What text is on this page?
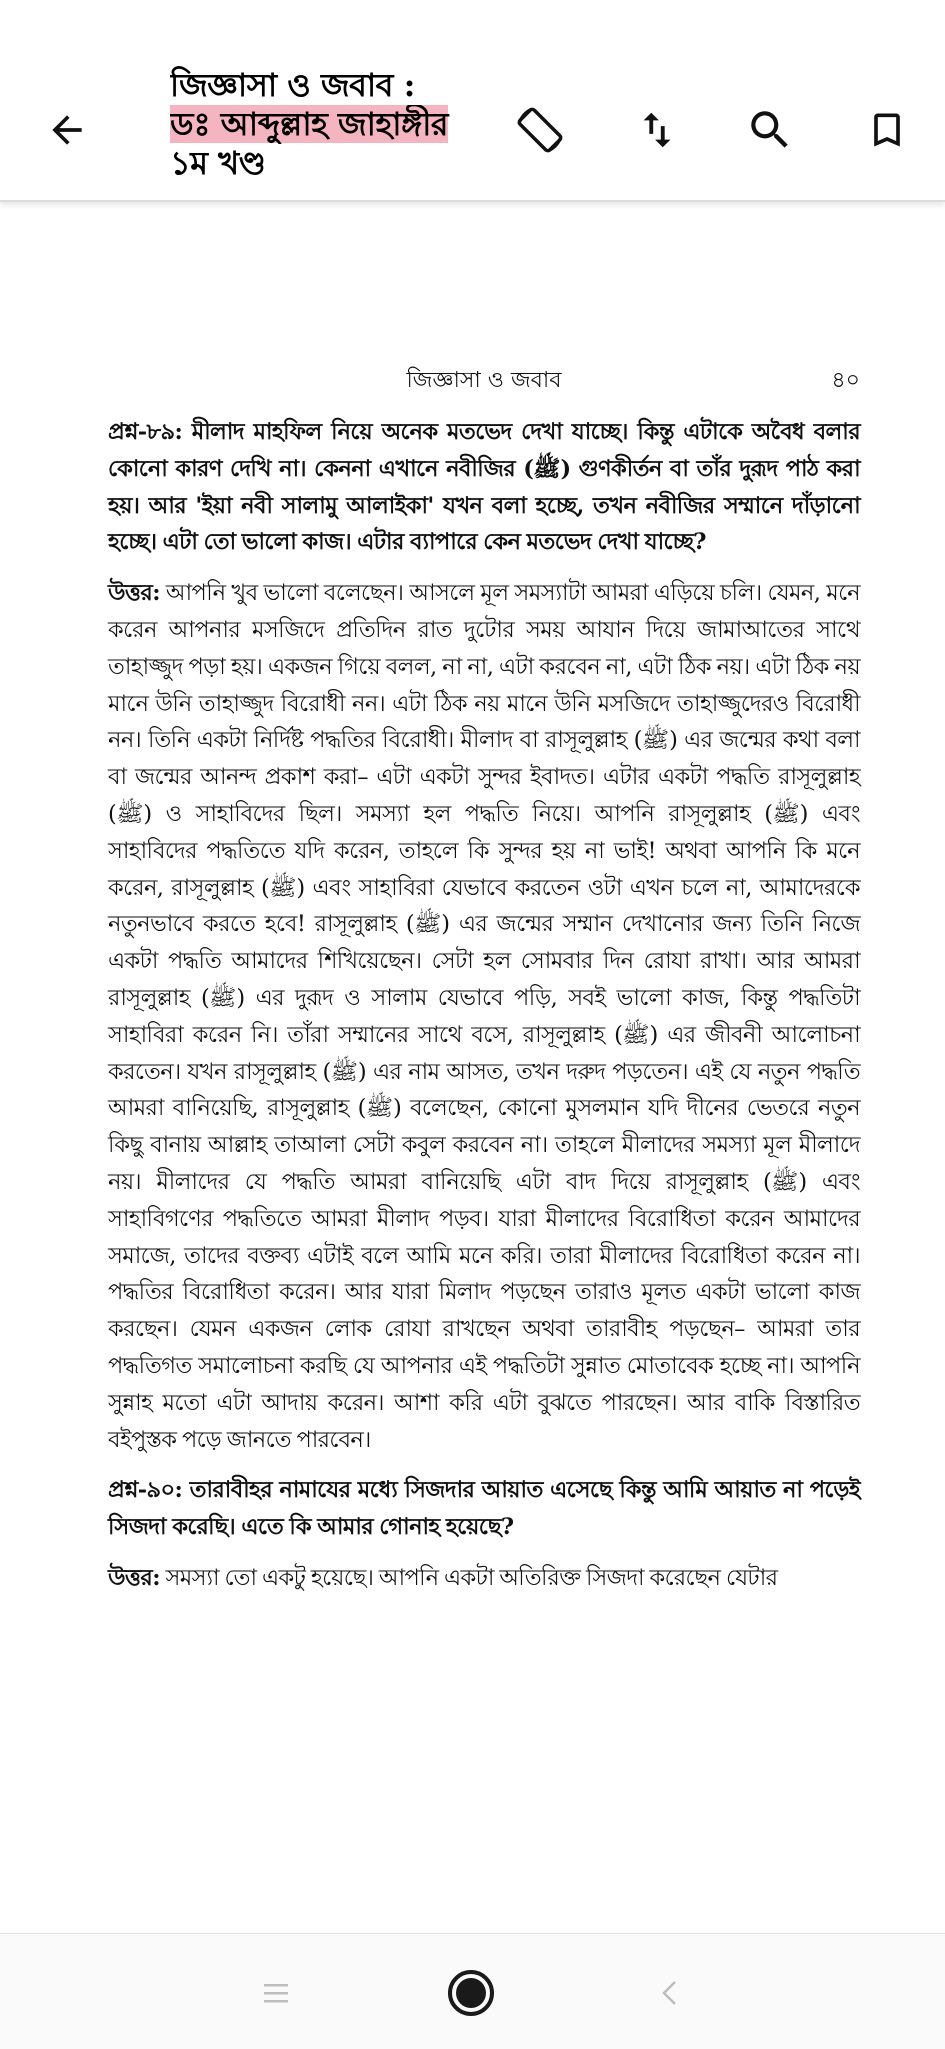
জিজ্ঞাসা ও জবাব :
ডঃ আব্দুল্লাহ জাহাঙ্গীর
১ম খণ্ড
জিজ্ঞাসা ও জবাব	৪০

প্রশ্ন-৮৯: মীলাদ মাহফিল নিয়ে অনেক মতভেদ দেখা যাচ্ছে। কিন্তু এটাকে অবৈধ বলার কোনো কারণ দেখি না। কেননা এখানে নবীজির (ﷺ) গুণকীর্তন বা তাঁর দুরূদ পাঠ করা হয়। আর 'ইয়া নবী সালামু আলাইকা' যখন বলা হচ্ছে, তখন নবীজির সম্মানে দাঁড়ানো হচ্ছে। এটা তো ভালো কাজ। এটার ব্যাপারে কেন মতভেদ দেখা যাচ্ছে?

উত্তর: আপনি খুব ভালো বলেছেন। আসলে মূল সমস্যাটা আমরা এড়িয়ে চলি। যেমন, মনে করেন আপনার মসজিদে প্রতিদিন রাত দুটোর সময় আযান দিয়ে জামাআতের সাথে তাহাজ্জুদ পড়া হয়। একজন গিয়ে বলল, না না, এটা করবেন না, এটা ঠিক নয়। এটা ঠিক নয় মানে উনি তাহাজ্জুদ বিরোধী নন। এটা ঠিক নয় মানে উনি মসজিদে তাহাজ্জুদেরও বিরোধী নন। তিনি একটা নির্দিষ্ট পদ্ধতির বিরোধী। মীলাদ বা রাসূলুল্লাহ (ﷺ) এর জন্মের কথা বলা বা জন্মের আনন্দ প্রকাশ করা– এটা একটা সুন্দর ইবাদত। এটার একটা পদ্ধতি রাসূলুল্লাহ (ﷺ) ও সাহাবিদের ছিল। সমস্যা হল পদ্ধতি নিয়ে। আপনি রাসূলুল্লাহ (ﷺ) এবং সাহাবিদের পদ্ধতিতে যদি করেন, তাহলে কি সুন্দর হয় না ভাই! অথবা আপনি কি মনে করেন, রাসূলুল্লাহ (ﷺ) এবং সাহাবিরা যেভাবে করতেন ওটা এখন চলে না, আমাদেরকে নতুনভাবে করতে হবে! রাসূলুল্লাহ (ﷺ) এর জন্মের সম্মান দেখানোর জন্য তিনি নিজে একটা পদ্ধতি আমাদের শিখিয়েছেন। সেটা হল সোমবার দিন রোযা রাখা। আর আমরা রাসূলুল্লাহ (ﷺ) এর দুরূদ ও সালাম যেভাবে পড়ি, সবই ভালো কাজ, কিন্তু পদ্ধতিটা সাহাবিরা করেন নি। তাঁরা সম্মানের সাথে বসে, রাসূলুল্লাহ (ﷺ) এর জীবনী আলোচনা করতেন। যখন রাসূলুল্লাহ (ﷺ) এর নাম আসত, তখন দরুদ পড়তেন। এই যে নতুন পদ্ধতি আমরা বানিয়েছি, রাসূলুল্লাহ (ﷺ) বলেছেন, কোনো মুসলমান যদি দীনের ভেতরে নতুন কিছু বানায় আল্লাহ তাআলা সেটা কবুল করবেন না। তাহলে মীলাদের সমস্যা মূল মীলাদে নয়। মীলাদের যে পদ্ধতি আমরা বানিয়েছি এটা বাদ দিয়ে রাসূলুল্লাহ (ﷺ) এবং সাহাবিগণের পদ্ধতিতে আমরা মীলাদ পড়ব। যারা মীলাদের বিরোধিতা করেন আমাদের সমাজে, তাদের বক্তব্য এটাই বলে আমি মনে করি। তারা মীলাদের বিরোধিতা করেন না। পদ্ধতির বিরোধিতা করেন। আর যারা মিলাদ পড়ছেন তারাও মূলত একটা ভালো কাজ করছেন। যেমন একজন লোক রোযা রাখছেন অথবা তারাবীহ পড়ছেন– আমরা তার পদ্ধতিগত সমালোচনা করছি যে আপনার এই পদ্ধতিটা সুন্নাত মোতাবেক হচ্ছে না। আপনি সুন্নাহ মতো এটা আদায় করেন। আশা করি এটা বুঝতে পারছেন। আর বাকি বিস্তারিত বইপুস্তক পড়ে জানতে পারবেন।

প্রশ্ন-৯০: তারাবীহর নামাযের মধ্যে সিজদার আয়াত এসেছে কিন্তু আমি আয়াত না পড়েই সিজদা করেছি। এতে কি আমার গোনাহ হয়েছে?

উত্তর: সমস্যা তো একটু হয়েছে। আপনি একটা অতিরিক্ত সিজদা করেছেন যেটার
